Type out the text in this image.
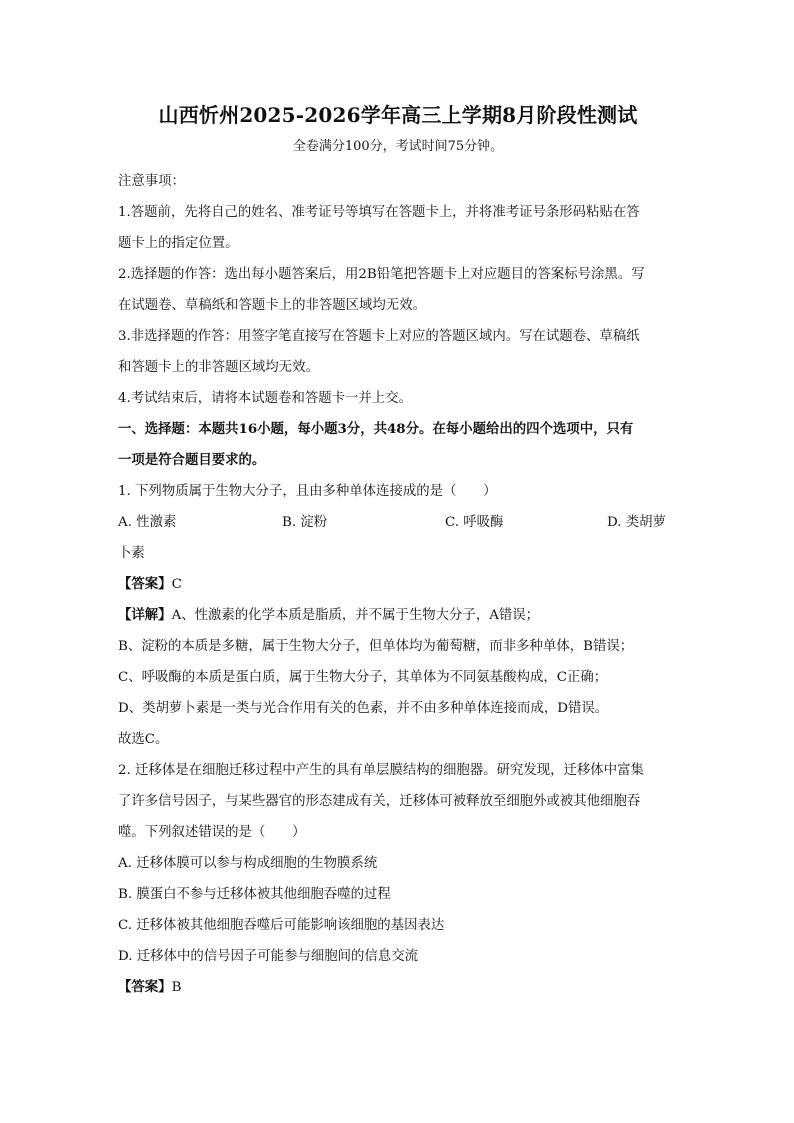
山西忻州2025-2026学年高三上学期8月阶段性测试
全卷满分100分，考试时间75分钟。
注意事项：
1.答题前，先将自己的姓名、准考证号等填写在答题卡上，并将准考证号条形码粘贴在答
题卡上的指定位置。
2.选择题的作答：选出每小题答案后，用2B铅笔把答题卡上对应题目的答案标号涂黑。写
在试题卷、草稿纸和答题卡上的非答题区域均无效。
3.非选择题的作答：用签字笔直接写在答题卡上对应的答题区域内。写在试题卷、草稿纸
和答题卡上的非答题区域均无效。
4.考试结束后，请将本试题卷和答题卡一并上交。
一、选择题：本题共16小题，每小题3分，共48分。在每小题给出的四个选项中，只有
一项是符合题目要求的。
1. 下列物质属于生物大分子，且由多种单体连接成的是（　　）
A. 性激素	B. 淀粉	C. 呼吸酶	D. 类胡萝
卜素
【答案】C
【详解】A、性激素的化学本质是脂质，并不属于生物大分子，A错误；
B、淀粉的本质是多糖，属于生物大分子，但单体均为葡萄糖，而非多种单体，B错误；
C、呼吸酶的本质是蛋白质，属于生物大分子，其单体为不同氨基酸构成，C正确；
D、类胡萝卜素是一类与光合作用有关的色素，并不由多种单体连接而成，D错误。
故选C。
2. 迁移体是在细胞迁移过程中产生的具有单层膜结构的细胞器。研究发现，迁移体中富集
了许多信号因子，与某些器官的形态建成有关，迁移体可被释放至细胞外或被其他细胞吞
噬。下列叙述错误的是（　　）
A. 迁移体膜可以参与构成细胞的生物膜系统
B. 膜蛋白不参与迁移体被其他细胞吞噬的过程
C. 迁移体被其他细胞吞噬后可能影响该细胞的基因表达
D. 迁移体中的信号因子可能参与细胞间的信息交流
【答案】B
